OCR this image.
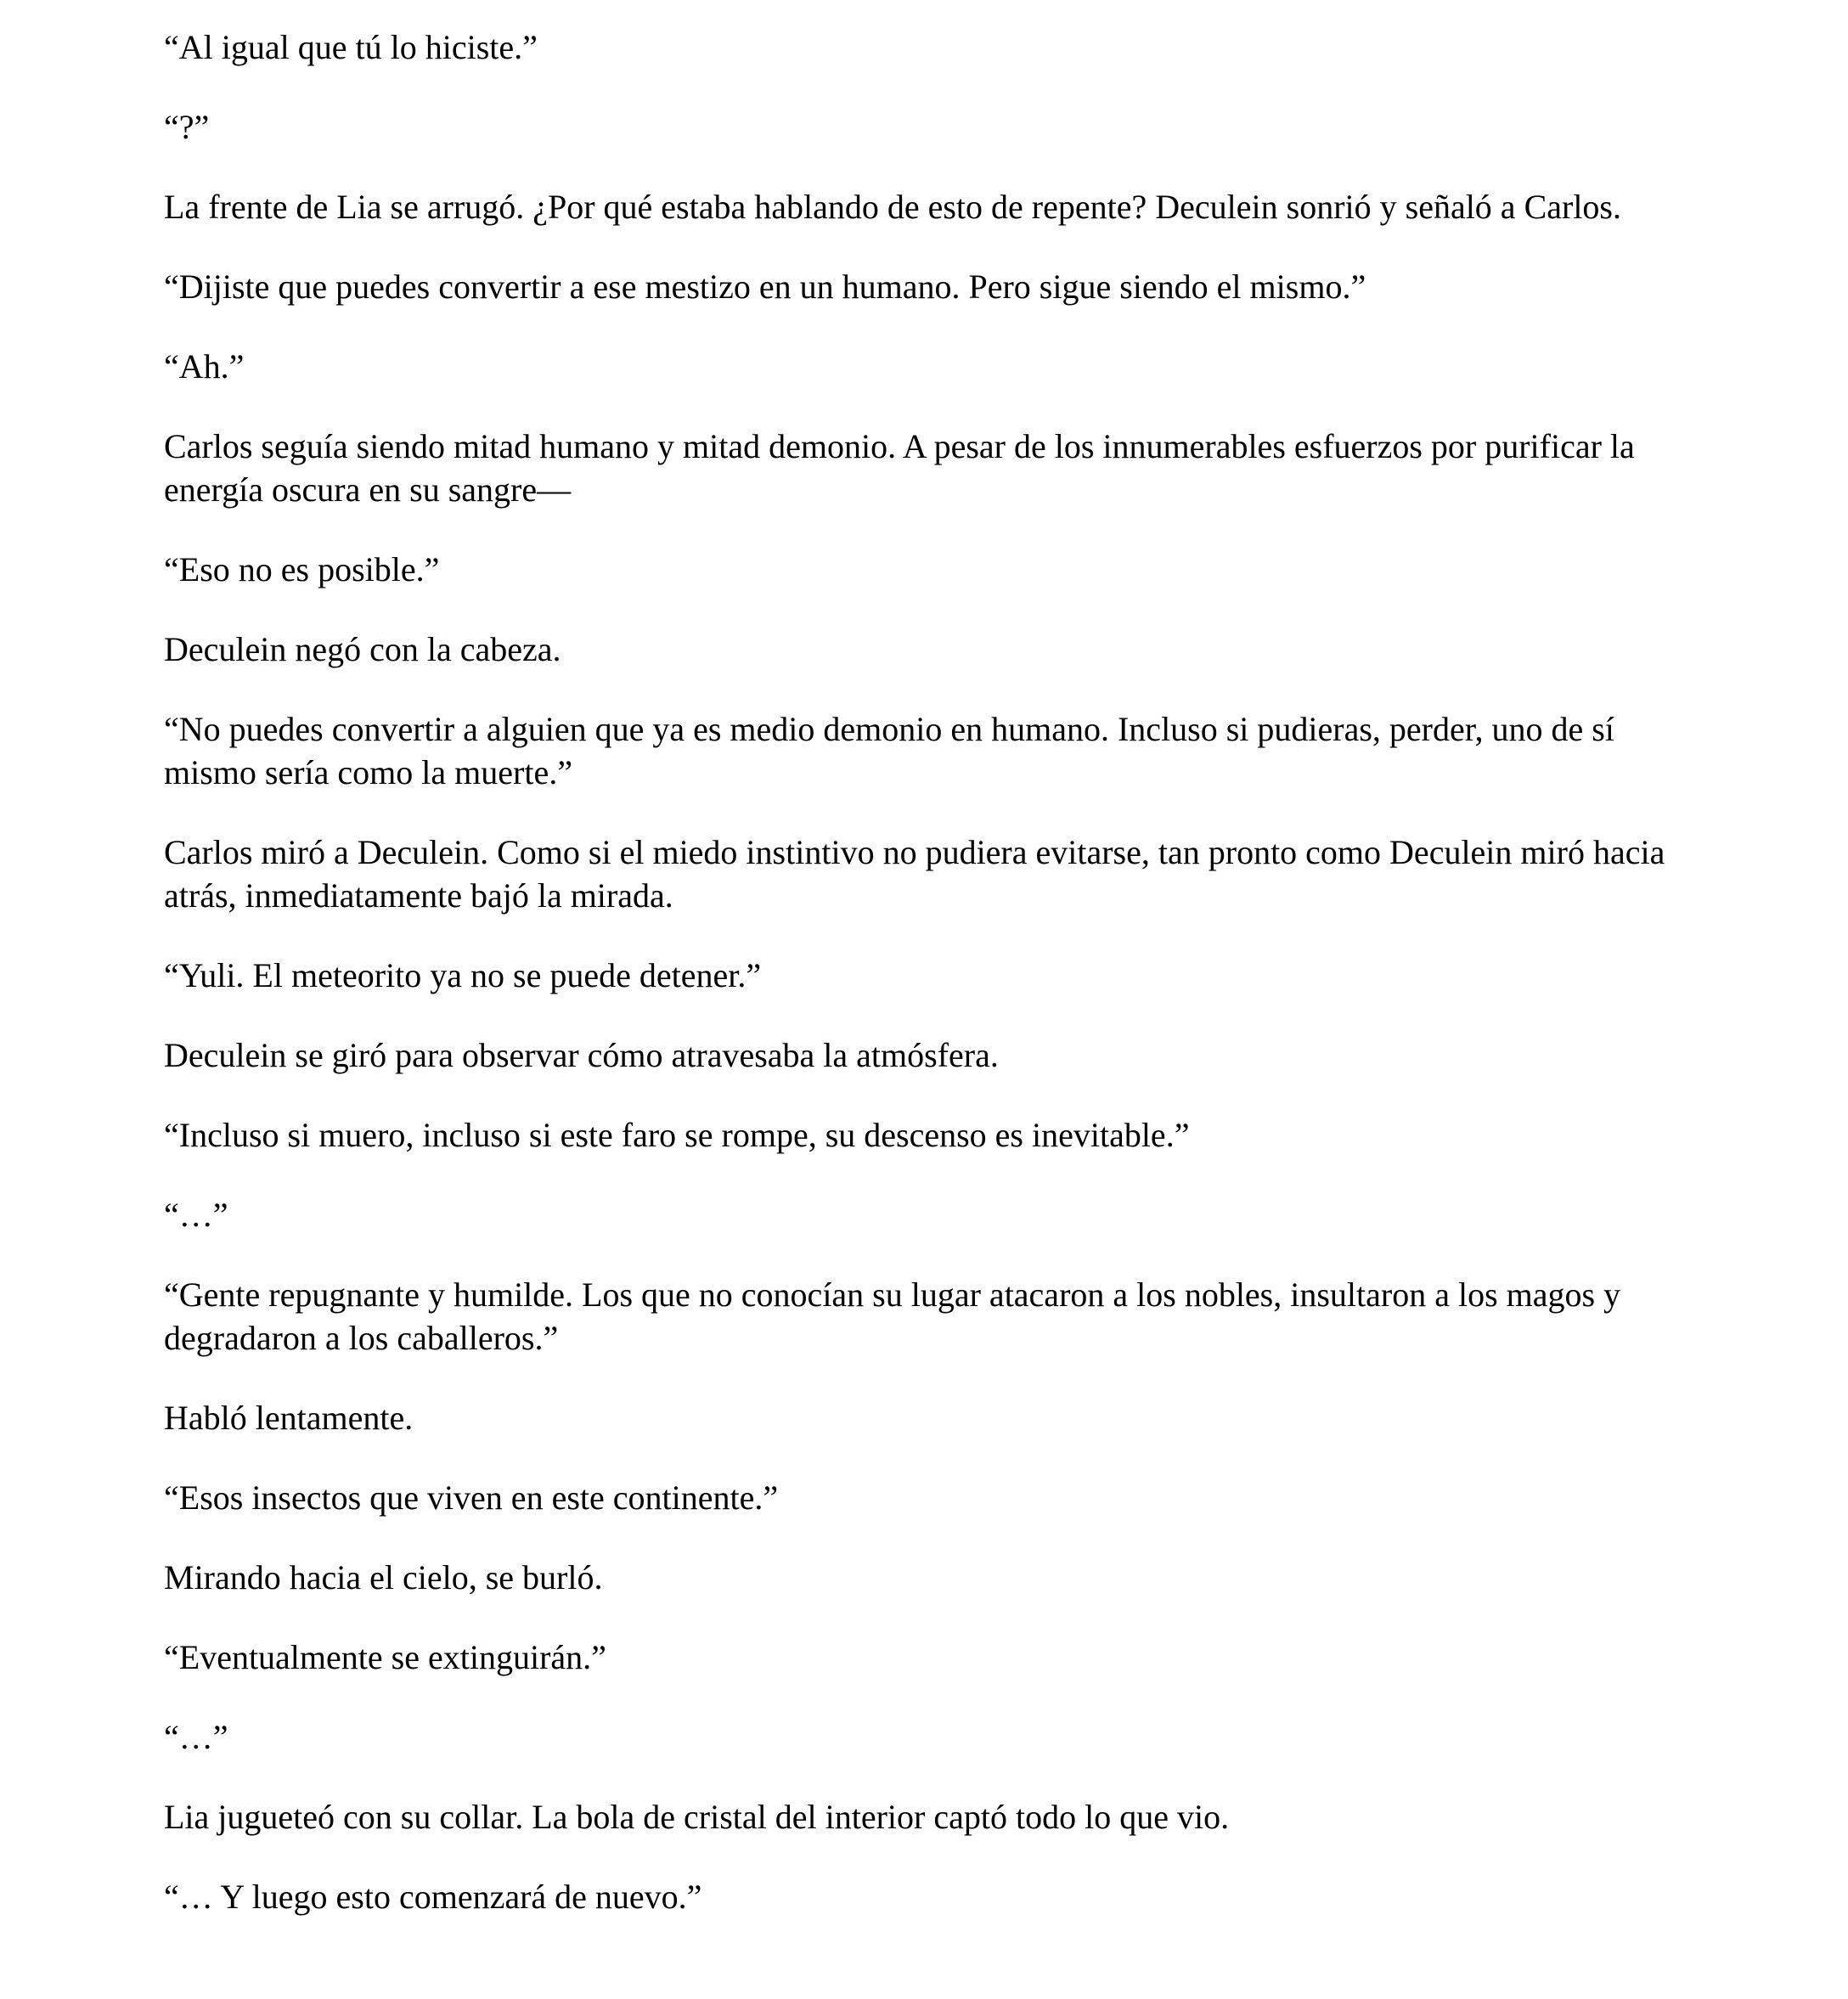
“Al igual que tú lo hiciste.”

“?”

La frente de Lia se arrugó. ¿Por qué estaba hablando de esto de repente? Deculein sonrió y señaló a Carlos.

“Dijiste que puedes convertir a ese mestizo en un humano. Pero sigue siendo el mismo.”

“Ah.”

Carlos seguía siendo mitad humano y mitad demonio. A pesar de los innumerables esfuerzos por purificar la energía oscura en su sangre—

“Eso no es posible.”

Deculein negó con la cabeza.

“No puedes convertir a alguien que ya es medio demonio en humano. Incluso si pudieras, perder, uno de sí mismo sería como la muerte.”

Carlos miró a Deculein. Como si el miedo instintivo no pudiera evitarse, tan pronto como Deculein miró hacia atrás, inmediatamente bajó la mirada.

“Yuli. El meteorito ya no se puede detener.”

Deculein se giró para observar cómo atravesaba la atmósfera.

“Incluso si muero, incluso si este faro se rompe, su descenso es inevitable.”

“…”

“Gente repugnante y humilde. Los que no conocían su lugar atacaron a los nobles, insultaron a los magos y degradaron a los caballeros.”

Habló lentamente.

“Esos insectos que viven en este continente.”

Mirando hacia el cielo, se burló.

“Eventualmente se extinguirán.”

“…”

Lia jugueteó con su collar. La bola de cristal del interior captó todo lo que vio.

“… Y luego esto comenzará de nuevo.”
